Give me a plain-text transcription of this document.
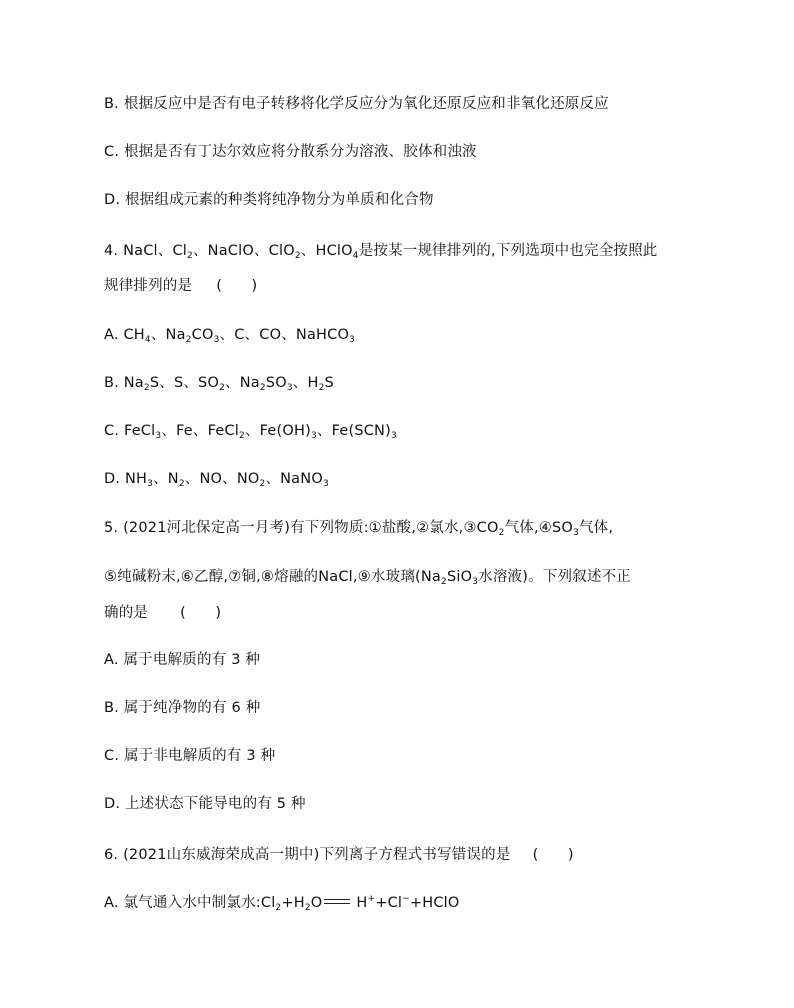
B. 根据反应中是否有电子转移将化学反应分为氧化还原反应和非氧化还原反应
C. 根据是否有丁达尔效应将分散系分为溶液、胶体和浊液
D. 根据组成元素的种类将纯净物分为单质和化合物
4. NaCl、$Cl_2$、NaClO、ClO$_2$、HClO$_4$是按某一规律排列的,下列选项中也完全按照此
规律排列的是 (　　)
A. $CH_4$、$Na_2CO_3$、C、CO、NaHCO$_3$
B. $Na_2S$、S、$SO_2$、$Na_2SO_3$、$H_2S$
C. FeCl$_3$、Fe、FeCl$_2$、$Fe(OH)_3$、$Fe(SCN)_3$
D. $NH_3$、$N_2$、NO、$NO_2$、NaNO$_3$
5. (2021河北保定高一月考)有下列物质:①盐酸,②氯水$,③CO_2$气体$,④SO_3$气体,
⑤纯碱粉末,⑥乙醇,⑦铜,⑧熔融的NaCl,⑨水玻璃($Na_2SiO_3$水溶液)。下列叙述不正
确的是 (　　)
A. 属于电解质的有 3 种
B. 属于纯净物的有 6 种
C. 属于非电解质的有 3 种
D. 上述状态下能导电的有 5 种
6. (2021山东威海荣成高一期中)下列离子方程式书写错误的是 (　　)
A. 氯气通入水中制氯水$:Cl_2+H_2O$ H++Cl−+HClO
